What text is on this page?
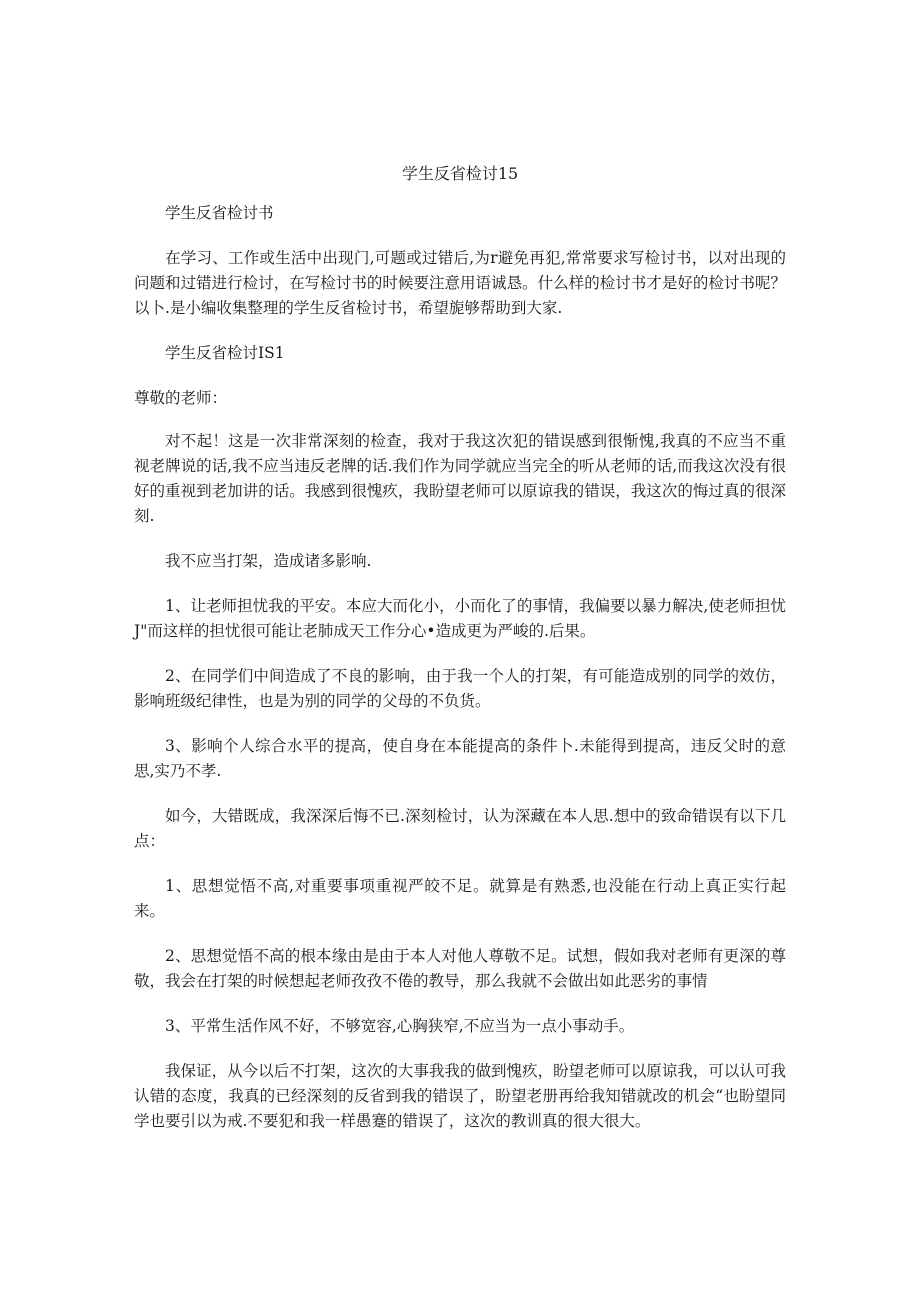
学生反省检讨15

学生反省检讨书

在学习、工作或生活中出现门,可题或过错后,为r避免再犯,常常要求写检讨书，以对出现的问题和过错进行检讨，在写检讨书的时候要注意用语诚恳。什么样的检讨书才是好的检讨书呢？以卜.是小编收集整理的学生反省检讨书，希望旎够帮助到大家.

学生反省检讨IS1

尊敬的老师：

对不起！这是一次非常深刻的检查，我对于我这次犯的错误感到很惭愧,我真的不应当不重视老牌说的话,我不应当违反老牌的话.我们作为同学就应当完全的听从老师的话,而我这次没有很好的重视到老加讲的话。我感到很愧疚，我盼望老师可以原谅我的错误，我这次的悔过真的很深刻.

我不应当打架，造成诸多影响.

1、让老师担忧我的平安。本应大而化小，小而化了的事情，我偏要以暴力解决,使老师担忧J"而这样的担忧很可能让老肺成天工作分心•造成更为严峻的.后果。

2、在同学们中间造成了不良的影响，由于我一个人的打架，有可能造成别的同学的效仿，影响班级纪律性，也是为别的同学的父母的不负货。

3、影响个人综合水平的提高，使自身在本能提高的条件卜.未能得到提高，违反父时的意思,实乃不孝.

如今，大错既成，我深深后悔不已.深刻检讨，认为深藏在本人思.想中的致命错误有以下几点：

1、思想觉悟不高,对重要事项重视严皎不足。就算是有熟悉,也没能在行动上真正实行起来。

2、思想觉悟不高的根本缘由是由于本人对他人尊敬不足。试想，假如我对老师有更深的尊敬，我会在打架的时候想起老师孜孜不倦的教导，那么我就不会做出如此恶劣的事情

3、平常生活作风不好，不够宽容,心胸狭窄,不应当为一点小事动手。

我保证，从今以后不打架，这次的大事我我的做到愧疚，盼望老师可以原谅我，可以认可我认错的态度，我真的已经深刻的反省到我的错误了，盼望老册再给我知错就改的机会“也盼望同学也要引以为戒.不要犯和我一样愚蹇的错误了，这次的教训真的很大很大。
